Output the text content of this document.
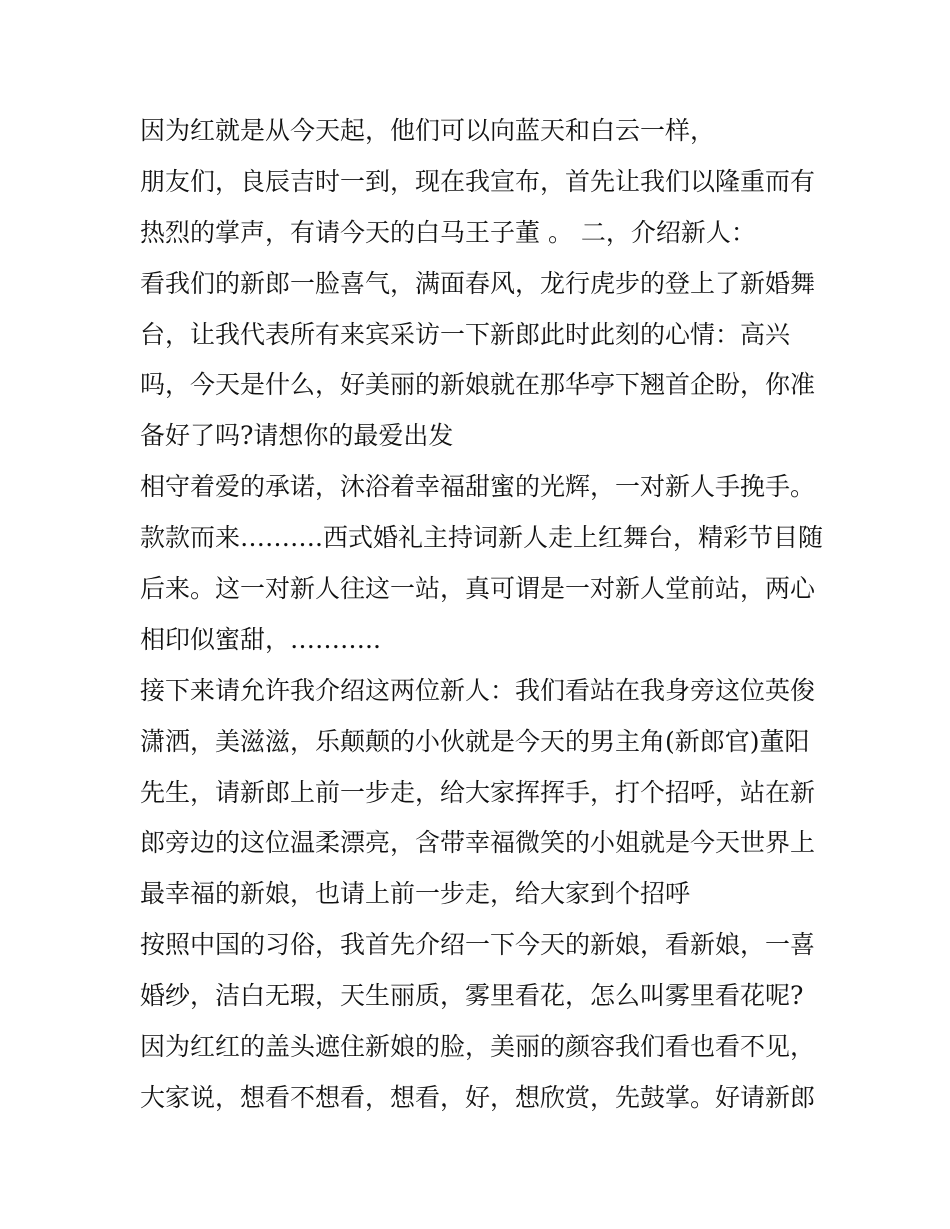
因为红就是从今天起，他们可以向蓝天和白云一样，
朋友们，良辰吉时一到，现在我宣布，首先让我们以隆重而有
热烈的掌声，有请今天的白马王子董 。 二，介绍新人：
看我们的新郎一脸喜气，满面春风，龙行虎步的登上了新婚舞
台，让我代表所有来宾采访一下新郎此时此刻的心情：高兴
吗，今天是什么，好美丽的新娘就在那华亭下翘首企盼，你准
备好了吗?请想你的最爱出发
相守着爱的承诺，沐浴着幸福甜蜜的光辉，一对新人手挽手。
款款而来……….西式婚礼主持词新人走上红舞台，精彩节目随
后来。这一对新人往这一站，真可谓是一对新人堂前站，两心
相印似蜜甜，………..
接下来请允许我介绍这两位新人：我们看站在我身旁这位英俊
潇洒，美滋滋，乐颠颠的小伙就是今天的男主角(新郎官)董阳
先生，请新郎上前一步走，给大家挥挥手，打个招呼，站在新
郎旁边的这位温柔漂亮，含带幸福微笑的小姐就是今天世界上
最幸福的新娘，也请上前一步走，给大家到个招呼
按照中国的习俗，我首先介绍一下今天的新娘，看新娘，一喜
婚纱，洁白无瑕，天生丽质，雾里看花，怎么叫雾里看花呢?
因为红红的盖头遮住新娘的脸，美丽的颜容我们看也看不见，
大家说，想看不想看，想看，好，想欣赏，先鼓掌。好请新郎
